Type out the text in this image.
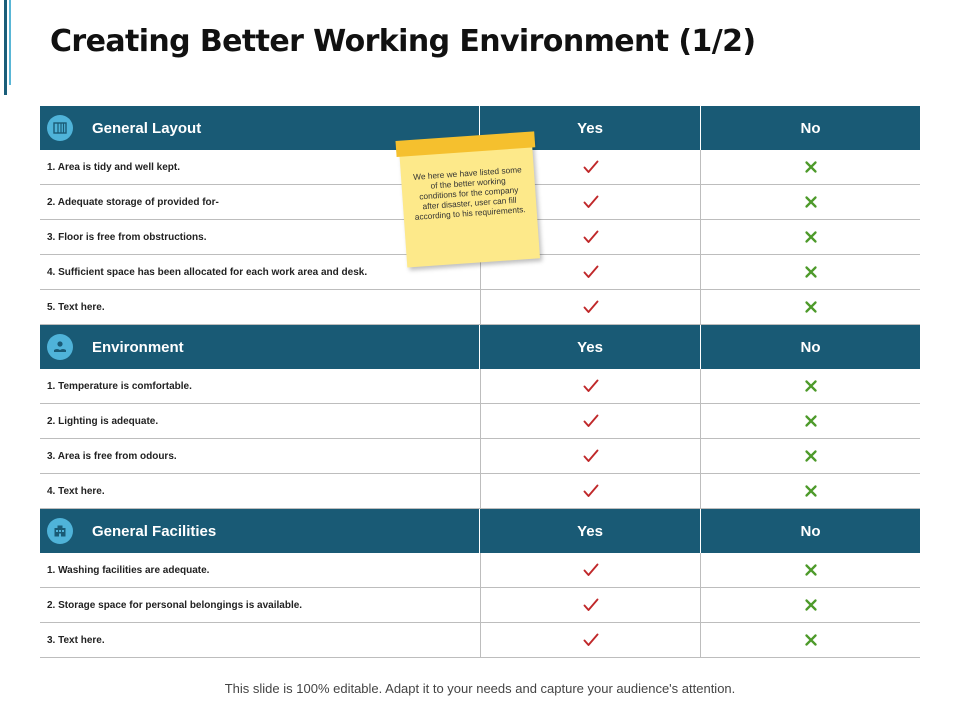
Creating Better Working Environment (1/2)
General Layout	Yes	No
1. Area is tidy and well kept.
2. Adequate storage of provided for-
3. Floor is free from obstructions.
4. Sufficient space has been allocated for each work area and desk.
5. Text here.
Environment	Yes	No
1. Temperature is comfortable.
2. Lighting is adequate.
3. Area is free from odours.
4. Text here.
General Facilities	Yes	No
1. Washing facilities are adequate.
2. Storage space for personal belongings is available.
3. Text here.
We here we have listed some of the better working conditions for the company after disaster, user can fill according to his requirements.
This slide is 100% editable. Adapt it to your needs and capture your audience's attention.
